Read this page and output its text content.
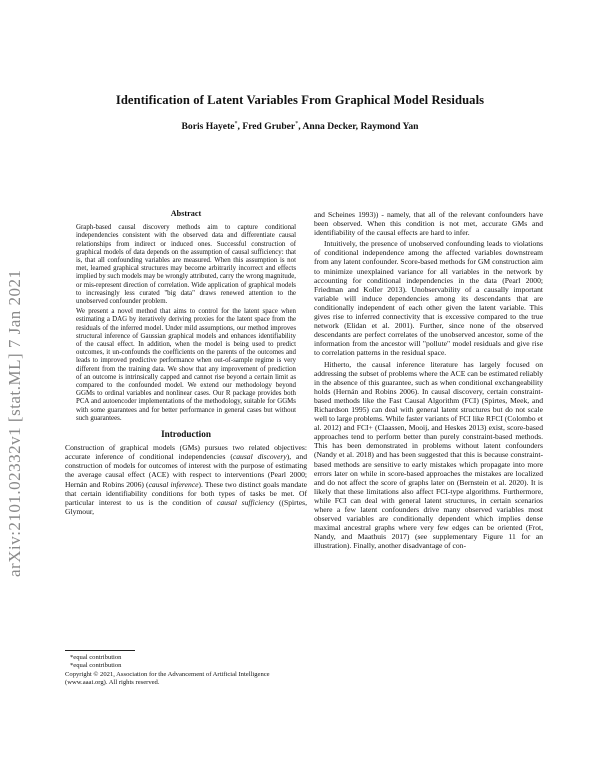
Identification of Latent Variables From Graphical Model Residuals
Boris Hayete*, Fred Gruber*, Anna Decker, Raymond Yan
arXiv:2101.02332v1 [stat.ML] 7 Jan 2021
Abstract

Graph-based causal discovery methods aim to capture conditional independencies consistent with the observed data and differentiate causal relationships from indirect or induced ones. Successful construction of graphical models of data depends on the assumption of causal sufficiency: that is, that all confounding variables are measured. When this assumption is not met, learned graphical structures may become arbitrarily incorrect and effects implied by such models may be wrongly attributed, carry the wrong magnitude, or mis-represent direction of correlation. Wide application of graphical models to increasingly less curated "big data" draws renewed attention to the unobserved confounder problem.

We present a novel method that aims to control for the latent space when estimating a DAG by iteratively deriving proxies for the latent space from the residuals of the inferred model. Under mild assumptions, our method improves structural inference of Gaussian graphical models and enhances identifiability of the causal effect. In addition, when the model is being used to predict outcomes, it un-confounds the coefficients on the parents of the outcomes and leads to improved predictive performance when out-of-sample regime is very different from the training data. We show that any improvement of prediction of an outcome is intrinsically capped and cannot rise beyond a certain limit as compared to the confounded model. We extend our methodology beyond GGMs to ordinal variables and nonlinear cases. Our R package provides both PCA and autoencoder implementations of the methodology, suitable for GGMs with some guarantees and for better performance in general cases but without such guarantees.

Introduction

Construction of graphical models (GMs) pursues two related objectives: accurate inference of conditional independencies (causal discovery), and construction of models for outcomes of interest with the purpose of estimating the average causal effect (ACE) with respect to interventions (Pearl 2000; Hernán and Robins 2006) (causal inference). These two distinct goals mandate that certain identifiability conditions for both types of tasks be met. Of particular interest to us is the condition of causal sufficiency ((Spirtes, Glymour,

*equal contribution
*equal contribution
Copyright © 2021, Association for the Advancement of Artificial Intelligence (www.aaai.org). All rights reserved.

and Scheines 1993)) - namely, that all of the relevant confounders have been observed. When this condition is not met, accurate GMs and identifiability of the causal effects are hard to infer.

Intuitively, the presence of unobserved confounding leads to violations of conditional independence among the affected variables downstream from any latent confounder. Score-based methods for GM construction aim to minimize unexplained variance for all variables in the network by accounting for conditional independencies in the data (Pearl 2000; Friedman and Koller 2013). Unobservability of a causally important variable will induce dependencies among its descendants that are conditionally independent of each other given the latent variable. This gives rise to inferred connectivity that is excessive compared to the true network (Elidan et al. 2001). Further, since none of the observed descendants are perfect correlates of the unobserved ancestor, some of the information from the ancestor will "pollute" model residuals and give rise to correlation patterns in the residual space.

Hitherto, the causal inference literature has largely focused on addressing the subset of problems where the ACE can be estimated reliably in the absence of this guarantee, such as when conditional exchangeability holds (Hernán and Robins 2006). In causal discovery, certain constraint-based methods like the Fast Causal Algorithm (FCI) (Spirtes, Meek, and Richardson 1995) can deal with general latent structures but do not scale well to large problems. While faster variants of FCI like RFCI (Colombo et al. 2012) and FCI+ (Claassen, Mooij, and Heskes 2013) exist, score-based approaches tend to perform better than purely constraint-based methods. This has been demonstrated in problems without latent confounders (Nandy et al. 2018) and has been suggested that this is because constraint-based methods are sensitive to early mistakes which propagate into more errors later on while in score-based approaches the mistakes are localized and do not affect the score of graphs later on (Bernstein et al. 2020). It is likely that these limitations also affect FCI-type algorithms. Furthermore, while FCI can deal with general latent structures, in certain scenarios where a few latent confounders drive many observed variables most observed variables are conditionally dependent which implies dense maximal ancestral graphs where very few edges can be oriented (Frot, Nandy, and Maathuis 2017) (see supplementary Figure 11 for an illustration). Finally, another disadvantage of con-
